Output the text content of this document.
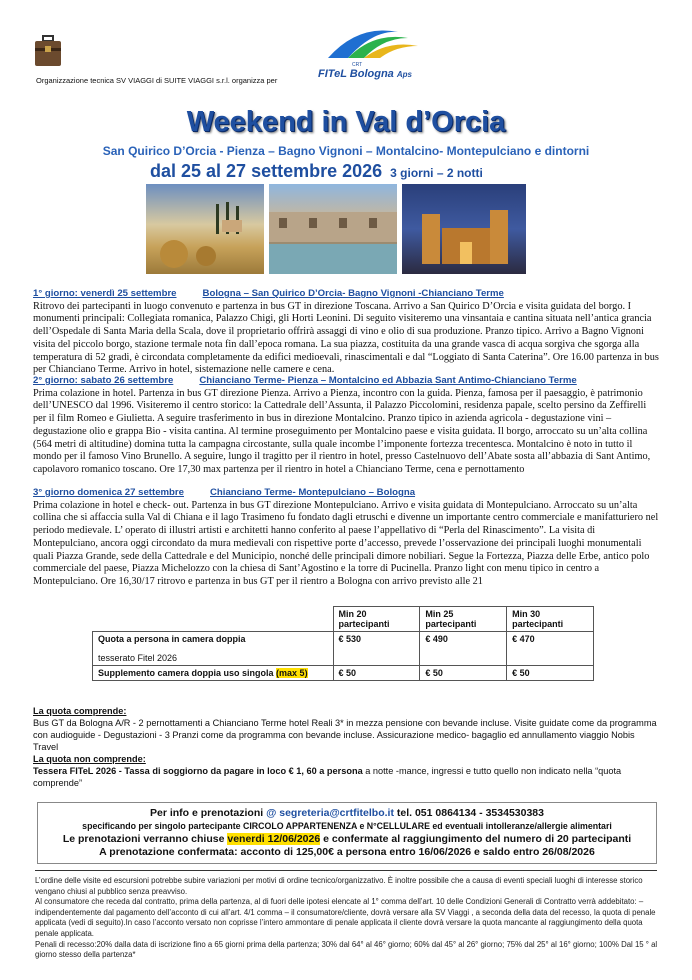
CRT
FITeL Bologna Aps
Organizzazione tecnica SV VIAGGI di SUITE VIAGGI s.r.l. organizza per
Weekend in Val d’Orcia
San Quirico D’Orcia - Pienza – Bagno Vignoni – Montalcino- Montepulciano e dintorni
dal 25 al 27 settembre 2026 3 giorni – 2 notti

1° giorno: venerdì 25 settembre	Bologna – San Quirico D’Orcia- Bagno Vignoni -Chianciano Terme

Ritrovo dei partecipanti in luogo convenuto e partenza in bus GT in direzione Toscana. Arrivo a San Quirico D’Orcia e visita guidata del borgo. I monumenti principali: Collegiata romanica, Palazzo Chigi, gli Horti Leonini. Di seguito visiteremo una vinsantaia e cantina situata nell’antica grancia dell’Ospedale di Santa Maria della Scala, dove il proprietario offrirà assaggi di vino e olio di sua produzione. Pranzo tipico. Arrivo a Bagno Vignoni visita del piccolo borgo, stazione termale nota fin dall’epoca romana. La sua piazza, costituita da una grande vasca di acqua sorgiva che sgorga alla temperatura di 52 gradi, è circondata completamente da edifici medioevali, rinascimentali e dal “Loggiato di Santa Caterina”. Ore 16.00 partenza in bus per Chianciano Terme. Arrivo in hotel, sistemazione nelle camere e cena.

2° giorno: sabato 26 settembre	Chianciano Terme- Pienza – Montalcino ed Abbazia Sant Antimo-Chianciano Terme

Prima colazione in hotel. Partenza in bus GT direzione Pienza. Arrivo a Pienza, incontro con la guida. Pienza, famosa per il paesaggio, è patrimonio dell’UNESCO dal 1996. Visiteremo il centro storico: la Cattedrale dell’Assunta, il Palazzo Piccolomini, residenza papale, scelto persino da Zeffirelli per il film Romeo e Giulietta. A seguire trasferimento in bus in direzione Montalcino. Pranzo tipico in azienda agricola - degustazione vini – degustazione olio e grappa Bio - visita cantina. Al termine proseguimento per Montalcino paese e visita guidata. Il borgo, arroccato su un’alta collina (564 metri di altitudine) domina tutta la campagna circostante, sulla quale incombe l’imponente fortezza trecentesca. Montalcino è noto in tutto il mondo per il famoso Vino Brunello. A seguire, lungo il tragitto per il rientro in hotel, presso Castelnuovo dell’Abate sosta all’abbazia di Sant Antimo, capolavoro romanico toscano. Ore 17,30 max partenza per il rientro in hotel a Chianciano Terme, cena e pernottamento

3° giorno domenica 27 settembre	Chianciano Terme- Montepulciano – Bologna

Prima colazione in hotel e check- out. Partenza in bus GT direzione Montepulciano. Arrivo e visita guidata di Montepulciano. Arroccato su un’alta collina che si affaccia sulla Val di Chiana e il lago Trasimeno fu fondato dagli etruschi e divenne un importante centro commerciale e manifatturiero nel periodo medievale. L’ operato di illustri artisti e architetti hanno conferito al paese l’appellativo di “Perla del Rinascimento”. La visita di Montepulciano, ancora oggi circondato da mura medievali con rispettive porte d’accesso, prevede l’osservazione dei principali luoghi monumentali quali Piazza Grande, sede della Cattedrale e del Municipio, nonché delle principali dimore nobiliari. Segue la Fortezza, Piazza delle Erbe, antico polo commerciale del paese, Piazza Michelozzo con la chiesa di Sant’Agostino e la torre di Pucinella. Pranzo light con menu tipico in centro a Montepulciano. Ore 16,30/17 ritrovo e partenza in bus GT per il rientro a Bologna con arrivo previsto alle 21

	Min 20 partecipanti	Min 25 partecipanti	Min 30 partecipanti

Quota a persona in camera doppia
tesserato Fitel 2026	€ 530	€ 490	€ 470
Supplemento camera doppia uso singola (max 5)	€ 50	€ 50	€ 50
La quota comprende:
Bus GT da Bologna A/R - 2 pernottamenti a Chianciano Terme hotel Reali 3* in mezza pensione con bevande incluse. Visite guidate come da programma con audioguide - Degustazioni - 3 Pranzi come da programma con bevande incluse. Assicurazione medico- bagaglio ed annullamento viaggio Nobis Travel
La quota non comprende:
Tessera FITeL 2026 - Tassa di soggiorno da pagare in loco € 1, 60 a persona a notte -mance, ingressi e tutto quello non indicato nella “quota comprende”
Per info e prenotazioni @ segreteria@crtfitelbo.it tel. 051 0864134 - 3534530383
specificando per singolo partecipante CIRCOLO APPARTENENZA e N°CELLULARE ed eventuali intolleranze/allergie alimentari
Le prenotazioni verranno chiuse venerdi 12/06/2026 e confermate al raggiungimento del numero di 20 partecipanti
A prenotazione confermata: acconto di 125,00€ a persona entro 16/06/2026 e saldo entro 26/08/2026
L’ordine delle visite ed escursioni potrebbe subire variazioni per motivi di ordine tecnico/organizzativo. È inoltre possibile che a causa di eventi speciali luoghi di interesse storico vengano chiusi al pubblico senza preavviso.
Al consumatore che receda dal contratto, prima della partenza, al di fuori delle ipotesi elencate al 1° comma dell’art. 10 delle Condizioni Generali di Contratto verrà addebitato: – indipendentemente dal pagamento dell’acconto di cui all’art. 4/1 comma – il consumatore/cliente, dovrà versare alla SV Viaggi , a seconda della data del recesso, la quota di penale applicata (vedi di seguito).In caso l’acconto versato non coprisse l’intero ammontare di penale applicata il cliente dovrà versare la quota mancante al raggiungimento della quota penale applicata.
Penali di recesso:20% dalla data di iscrizione fino a 65 giorni prima della partenza; 30% dal 64° al 46° giorno; 60% dal 45° al 26° giorno; 75% dal 25° al 16° giorno; 100% Dal 15 ° al giorno stesso della partenza*
